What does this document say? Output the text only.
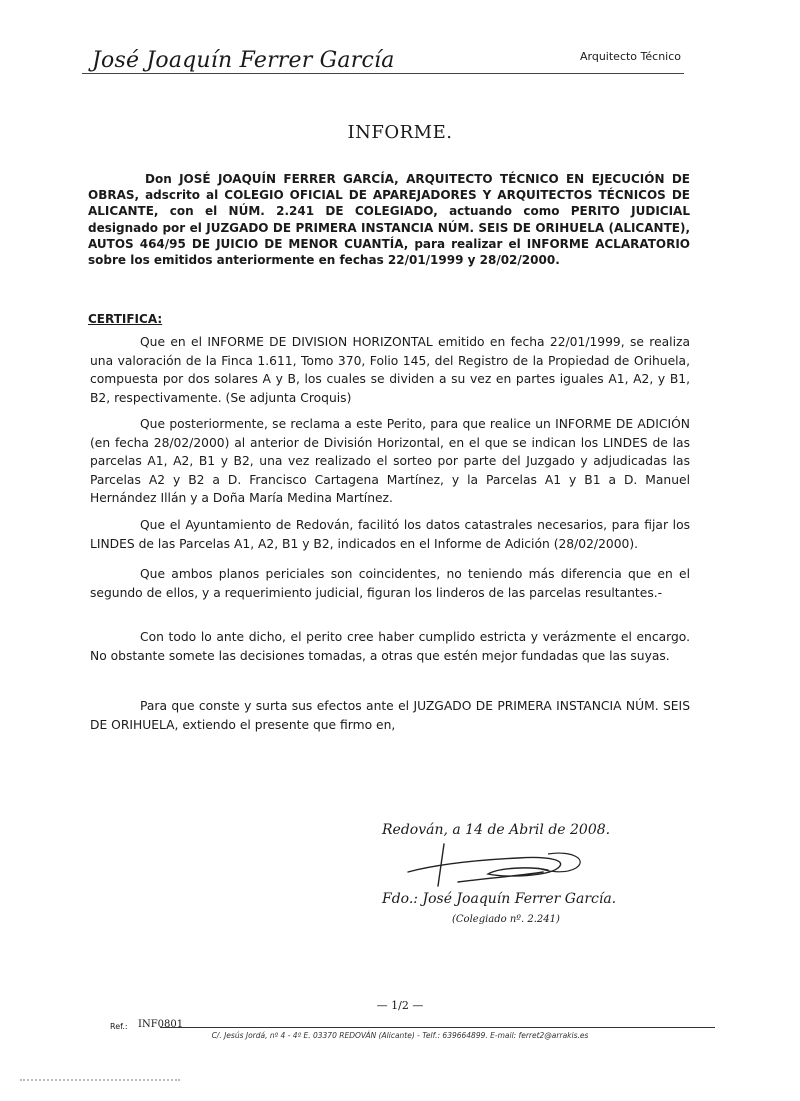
José Joaquín Ferrer García	Arquitecto Técnico
INFORME.
Don JOSÉ JOAQUÍN FERRER GARCÍA, ARQUITECTO TÉCNICO EN EJECUCIÓN DE OBRAS, adscrito al COLEGIO OFICIAL DE APAREJADORES Y ARQUITECTOS TÉCNICOS DE ALICANTE, con el NÚM. 2.241 DE COLEGIADO, actuando como PERITO JUDICIAL designado por el JUZGADO DE PRIMERA INSTANCIA NÚM. SEIS DE ORIHUELA (ALICANTE), AUTOS 464/95 DE JUICIO DE MENOR CUANTÍA, para realizar el INFORME ACLARATORIO sobre los emitidos anteriormente en fechas 22/01/1999 y 28/02/2000.
CERTIFICA:
Que en el INFORME DE DIVISION HORIZONTAL emitido en fecha 22/01/1999, se realiza una valoración de la Finca 1.611, Tomo 370, Folio 145, del Registro de la Propiedad de Orihuela, compuesta por dos solares A y B, los cuales se dividen a su vez en partes iguales A1, A2, y B1, B2, respectivamente. (Se adjunta Croquis)
Que posteriormente, se reclama a este Perito, para que realice un INFORME DE ADICIÓN (en fecha 28/02/2000) al anterior de División Horizontal, en el que se indican los LINDES de las parcelas A1, A2, B1 y B2, una vez realizado el sorteo por parte del Juzgado y adjudicadas las Parcelas A2 y B2 a D. Francisco Cartagena Martínez, y la Parcelas A1 y B1 a D. Manuel Hernández Illán y a Doña María Medina Martínez.
Que el Ayuntamiento de Redován, facilitó los datos catastrales necesarios, para fijar los LINDES de las Parcelas A1, A2, B1 y B2, indicados en el Informe de Adición (28/02/2000).
Que ambos planos periciales son coincidentes, no teniendo más diferencia que en el segundo de ellos, y a requerimiento judicial, figuran los linderos de las parcelas resultantes.-
Con todo lo ante dicho, el perito cree haber cumplido estricta y verázmente el encargo. No obstante somete las decisiones tomadas, a otras que estén mejor fundadas que las suyas.
Para que conste y surta sus efectos ante el JUZGADO DE PRIMERA INSTANCIA NÚM. SEIS DE ORIHUELA, extiendo el presente que firmo en,
Redován, a 14 de Abril de 2008.
Fdo.: José Joaquín Ferrer García.
(Colegiado nº. 2.241)
— 1/2 —
Ref.: INF0801
C/. Jesús Jordá, nº 4 - 4º E. 03370 REDOVÁN (Alicante) - Telf.: 639664899. E-mail: ferret2@arrakis.es
